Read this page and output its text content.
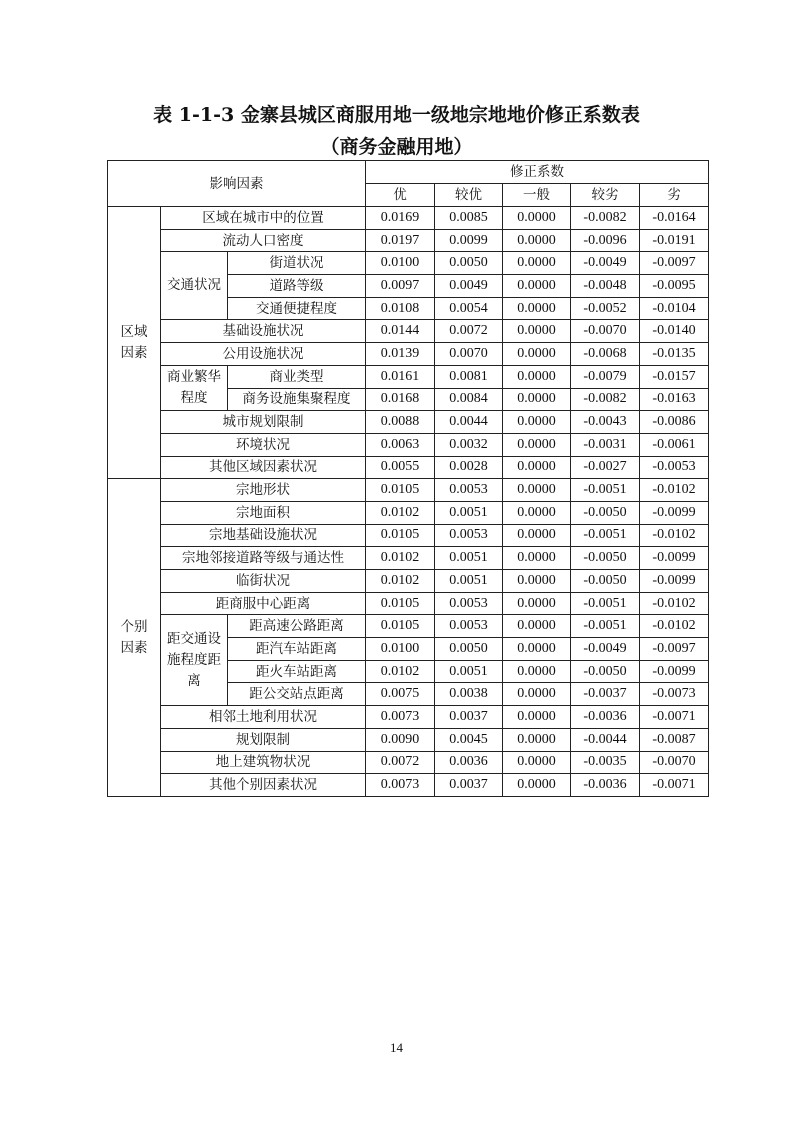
表 1-1-3 金寨县城区商服用地一级地宗地地价修正系数表
（商务金融用地）
影响因素			修正系数				
			优	较优	一般	较劣	劣
区域因素	区域在城市中的位置		0.0169	0.0085	0.0000	-0.0082	-0.0164
	流动人口密度		0.0197	0.0099	0.0000	-0.0096	-0.0191
	交通状况	街道状况	0.0100	0.0050	0.0000	-0.0049	-0.0097
		道路等级	0.0097	0.0049	0.0000	-0.0048	-0.0095
		交通便捷程度	0.0108	0.0054	0.0000	-0.0052	-0.0104
	基础设施状况		0.0144	0.0072	0.0000	-0.0070	-0.0140
	公用设施状况		0.0139	0.0070	0.0000	-0.0068	-0.0135
	商业繁华程度	商业类型	0.0161	0.0081	0.0000	-0.0079	-0.0157
		商务设施集聚程度	0.0168	0.0084	0.0000	-0.0082	-0.0163
	城市规划限制		0.0088	0.0044	0.0000	-0.0043	-0.0086
	环境状况		0.0063	0.0032	0.0000	-0.0031	-0.0061
	其他区域因素状况		0.0055	0.0028	0.0000	-0.0027	-0.0053
个别因素	宗地形状		0.0105	0.0053	0.0000	-0.0051	-0.0102
	宗地面积		0.0102	0.0051	0.0000	-0.0050	-0.0099
	宗地基础设施状况		0.0105	0.0053	0.0000	-0.0051	-0.0102
	宗地邻接道路等级与通达性		0.0102	0.0051	0.0000	-0.0050	-0.0099
	临街状况		0.0102	0.0051	0.0000	-0.0050	-0.0099
	距商服中心距离		0.0105	0.0053	0.0000	-0.0051	-0.0102
	距交通设施程度距离	距高速公路距离	0.0105	0.0053	0.0000	-0.0051	-0.0102
		距汽车站距离	0.0100	0.0050	0.0000	-0.0049	-0.0097
		距火车站距离	0.0102	0.0051	0.0000	-0.0050	-0.0099
		距公交站点距离	0.0075	0.0038	0.0000	-0.0037	-0.0073
	相邻土地利用状况		0.0073	0.0037	0.0000	-0.0036	-0.0071
	规划限制		0.0090	0.0045	0.0000	-0.0044	-0.0087
	地上建筑物状况		0.0072	0.0036	0.0000	-0.0035	-0.0070
	其他个别因素状况		0.0073	0.0037	0.0000	-0.0036	-0.0071
14
